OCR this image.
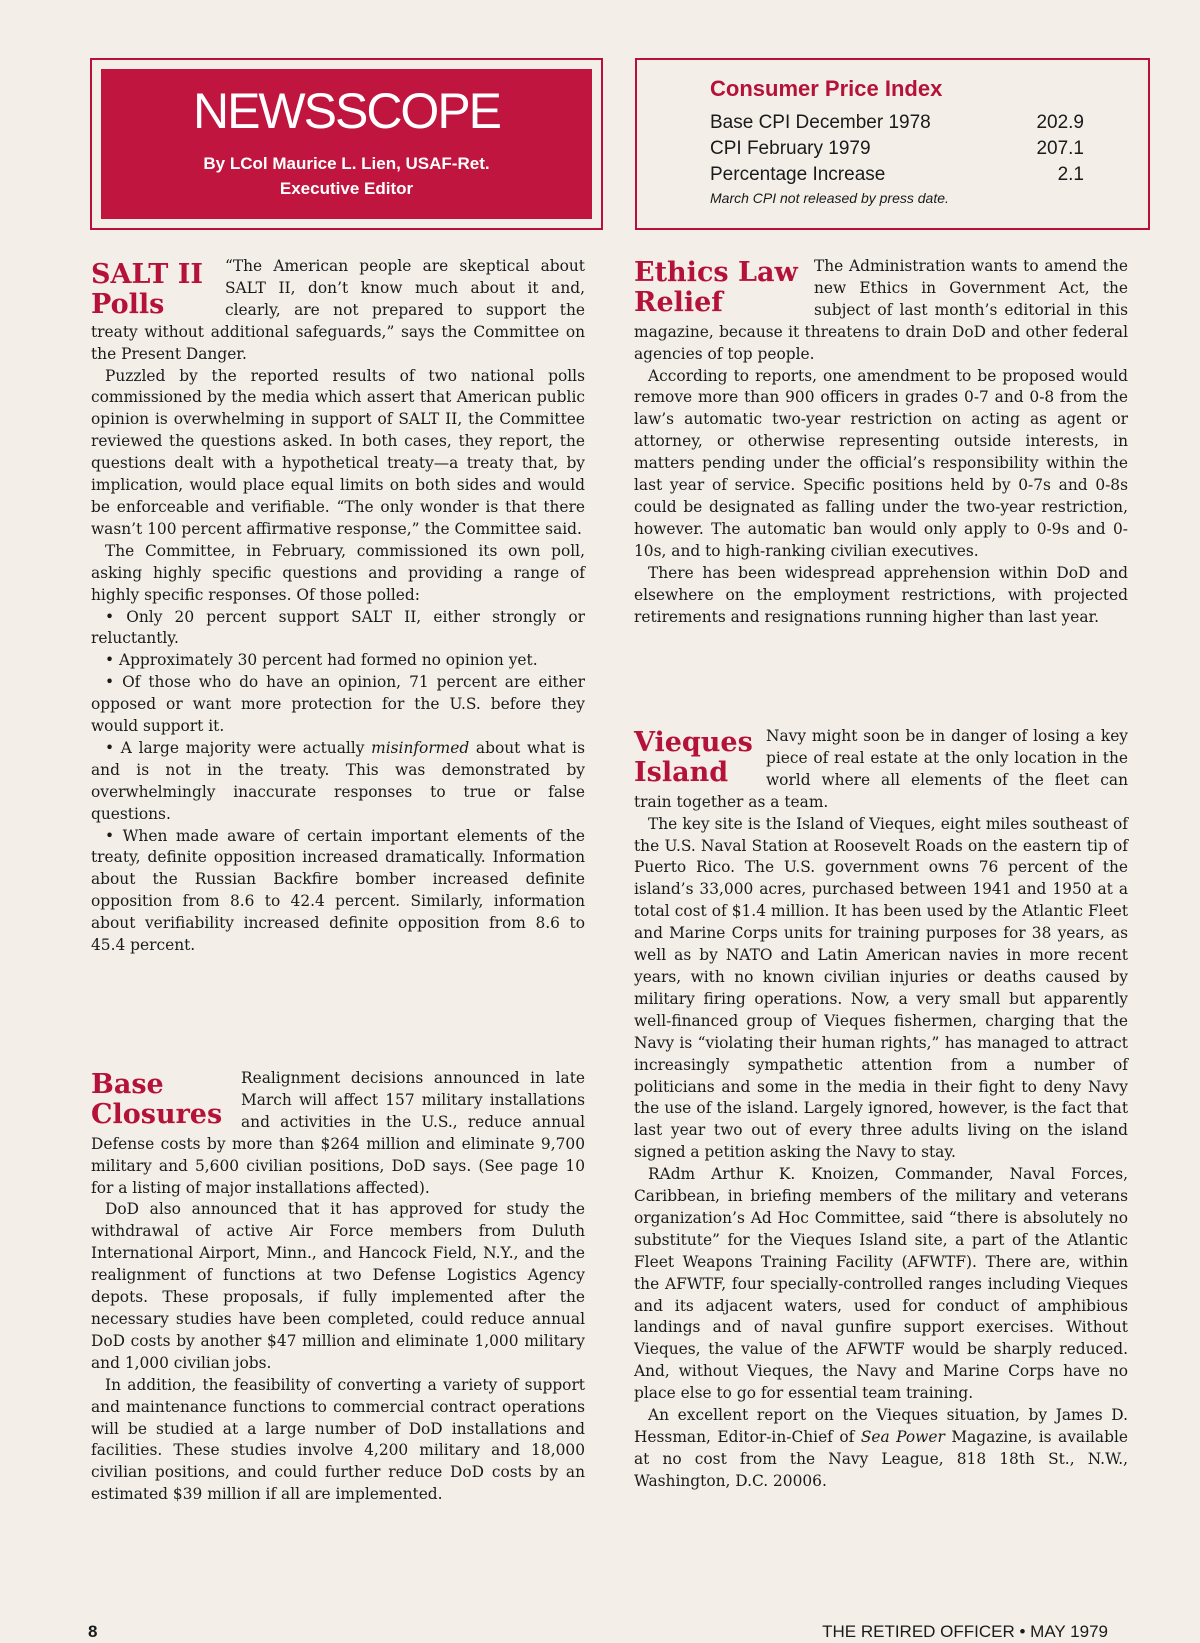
NEWSSCOPE
By LCol Maurice L. Lien, USAF-Ret.
Executive Editor
Consumer Price Index
Base CPI December 1978	202.9
CPI February 1979	207.1
Percentage Increase	2.1
March CPI not released by press date.
SALT II
Polls

“The American people are skeptical about SALT II, don’t know much about it and, clearly, are not prepared to support the treaty without additional safeguards,” says the Committee on the Present Danger.

Puzzled by the reported results of two national polls commissioned by the media which assert that American public opinion is overwhelming in support of SALT II, the Committee reviewed the questions asked. In both cases, they report, the questions dealt with a hypothetical treaty—a treaty that, by implication, would place equal limits on both sides and would be enforceable and verifiable. “The only wonder is that there wasn’t 100 percent affirmative response,” the Committee said.

The Committee, in February, commissioned its own poll, asking highly specific questions and providing a range of highly specific responses. Of those polled:

• Only 20 percent support SALT II, either strongly or reluctantly.

• Approximately 30 percent had formed no opinion yet.

• Of those who do have an opinion, 71 percent are either opposed or want more protection for the U.S. before they would support it.

• A large majority were actually misinformed about what is and is not in the treaty. This was demonstrated by overwhelmingly inaccurate responses to true or false questions.

• When made aware of certain important elements of the treaty, definite opposition increased dramatically. Information about the Russian Backfire bomber increased definite opposition from 8.6 to 42.4 percent. Similarly, information about verifiability increased definite opposition from 8.6 to 45.4 percent.

Base
Closures

Realignment decisions announced in late March will affect 157 military installations and activities in the U.S., reduce annual Defense costs by more than $264 million and eliminate 9,700 military and 5,600 civilian positions, DoD says. (See page 10 for a listing of major installations affected).

DoD also announced that it has approved for study the withdrawal of active Air Force members from Duluth International Airport, Minn., and Hancock Field, N.Y., and the realignment of functions at two Defense Logistics Agency depots. These proposals, if fully implemented after the necessary studies have been completed, could reduce annual DoD costs by another $47 million and eliminate 1,000 military and 1,000 civilian jobs.

In addition, the feasibility of converting a variety of support and maintenance functions to commercial contract operations will be studied at a large number of DoD installations and facilities. These studies involve 4,200 military and 18,000 civilian positions, and could further reduce DoD costs by an estimated $39 million if all are implemented.

Ethics Law
Relief

The Administration wants to amend the new Ethics in Government Act, the subject of last month’s editorial in this magazine, because it threatens to drain DoD and other federal agencies of top people.

According to reports, one amendment to be proposed would remove more than 900 officers in grades 0-7 and 0-8 from the law’s automatic two-year restriction on acting as agent or attorney, or otherwise representing outside interests, in matters pending under the official’s responsibility within the last year of service. Specific positions held by 0-7s and 0-8s could be designated as falling under the two-year restriction, however. The automatic ban would only apply to 0-9s and 0-10s, and to high-ranking civilian executives.

There has been widespread apprehension within DoD and elsewhere on the employment restrictions, with projected retirements and resignations running higher than last year.

Vieques
Island

Navy might soon be in danger of losing a key piece of real estate at the only location in the world where all elements of the fleet can train together as a team.

The key site is the Island of Vieques, eight miles southeast of the U.S. Naval Station at Roosevelt Roads on the eastern tip of Puerto Rico. The U.S. government owns 76 percent of the island’s 33,000 acres, purchased between 1941 and 1950 at a total cost of $1.4 million. It has been used by the Atlantic Fleet and Marine Corps units for training purposes for 38 years, as well as by NATO and Latin American navies in more recent years, with no known civilian injuries or deaths caused by military firing operations. Now, a very small but apparently well-financed group of Vieques fishermen, charging that the Navy is “violating their human rights,” has managed to attract increasingly sympathetic attention from a number of politicians and some in the media in their fight to deny Navy the use of the island. Largely ignored, however, is the fact that last year two out of every three adults living on the island signed a petition asking the Navy to stay.

RAdm Arthur K. Knoizen, Commander, Naval Forces, Caribbean, in briefing members of the military and veterans organization’s Ad Hoc Committee, said “there is absolutely no substitute” for the Vieques Island site, a part of the Atlantic Fleet Weapons Training Facility (AFWTF). There are, within the AFWTF, four specially-controlled ranges including Vieques and its adjacent waters, used for conduct of amphibious landings and of naval gunfire support exercises. Without Vieques, the value of the AFWTF would be sharply reduced. And, without Vieques, the Navy and Marine Corps have no place else to go for essential team training.

An excellent report on the Vieques situation, by James D. Hessman, Editor-in-Chief of Sea Power Magazine, is available at no cost from the Navy League, 818 18th St., N.W., Washington, D.C. 20006.

8	THE RETIRED OFFICER • MAY 1979
